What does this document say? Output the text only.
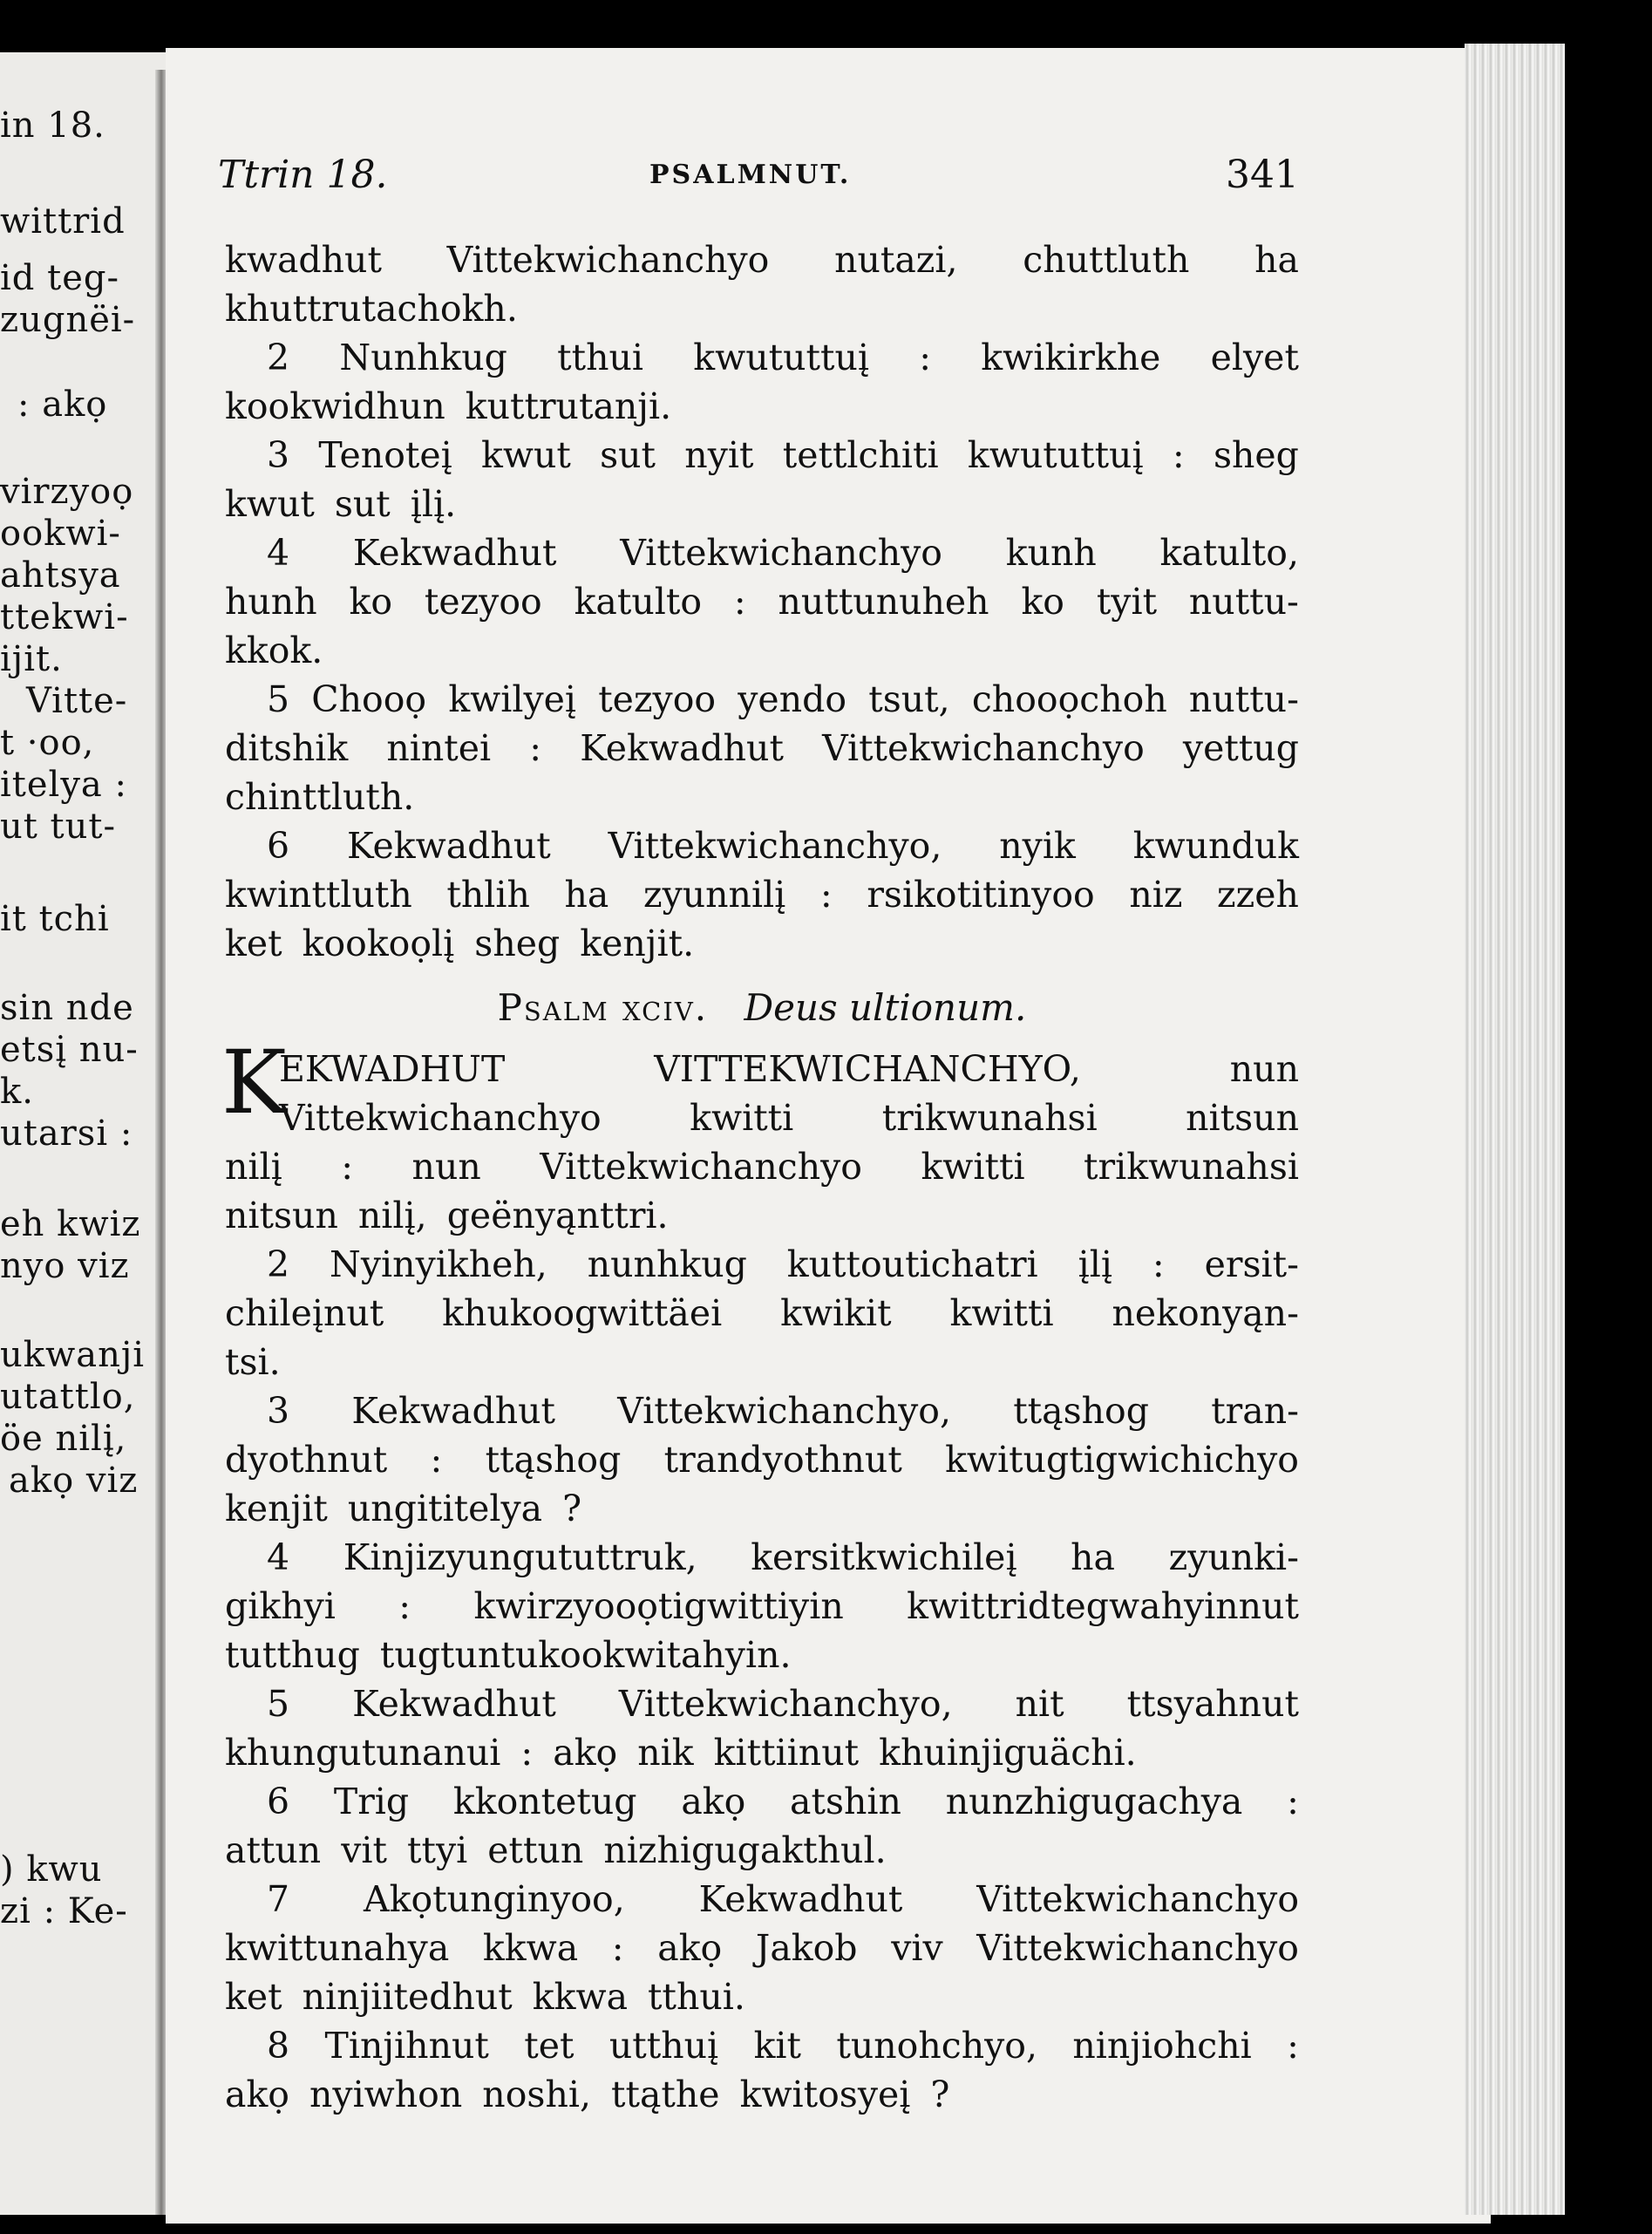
in 18.
wittrid
id teg-
zugnëi-
: akọ
virzyoọ
ookwi-
ahtsya
ttekwi-
ijit.
Vitte-
t ·oo,
itelya :
ut tut-
it tchi
sin nde
etsį nu-
k.
utarsi :
eh kwiz
nyo viz
ukwanji
utattlo,
öe nilį,
akọ viz
) kwu
zi : Ke-
Ttrin 18.	PSALMNUT.	341
kwadhut Vittekwichanchyo nutazi, chuttluth ha
khuttrutachokh.
2 Nunhkug tthui kwututtuį : kwikirkhe elyet
kookwidhun kuttrutanji.
3 Tenoteį kwut sut nyit tettlchiti kwututtuį : sheg
kwut sut įlį.
4 Kekwadhut Vittekwichanchyo kunh katulto,
hunh ko tezyoo katulto : nuttunuheh ko tyit nuttu-
kkok.
5 Chooọ kwilyeį tezyoo yendo tsut, chooọchoh nuttu-
ditshik nintei : Kekwadhut Vittekwichanchyo yettug
chinttluth.
6 Kekwadhut Vittekwichanchyo, nyik kwunduk
kwinttluth thlih ha zyunnilį : rsikotitinyoo niz zzeh
ket kookoọlį sheg kenjit.
Psalm xciv. Deus ultionum.
K
EKWADHUT	VITTEKWICHANCHYO,	nun
Vittekwichanchyo kwitti trikwunahsi nitsun
nilį : nun Vittekwichanchyo kwitti trikwunahsi
nitsun nilį, geënyąnttri.
2 Nyinyikheh, nunhkug kuttoutichatri įlį : ersit-
chileįnut khukoogwittäei kwikit kwitti nekonyąn-
tsi.
3 Kekwadhut Vittekwichanchyo, ttąshog tran-
dyothnut : ttąshog trandyothnut kwitugtigwichichyo
kenjit ungititelya ?
4 Kinjizyungututtruk, kersitkwichileį ha zyunki-
gikhyi : kwirzyooọtigwittiyin kwittridtegwahyinnut
tutthug tugtuntukookwitahyin.
5 Kekwadhut Vittekwichanchyo, nit ttsyahnut
khungutunanui : akọ nik kittiinut khuinjiguächi.
6 Trig kkontetug akọ atshin nunzhigugachya :
attun vit ttyi ettun nizhigugakthul.
7 Akọtunginyoo, Kekwadhut Vittekwichanchyo
kwittunahya kkwa : akọ Jakob viv Vittekwichanchyo
ket ninjiitedhut kkwa tthui.
8 Tinjihnut tet utthuį kit tunohchyo, ninjiohchi :
akọ nyiwhon noshi, ttąthe kwitosyeį ?
